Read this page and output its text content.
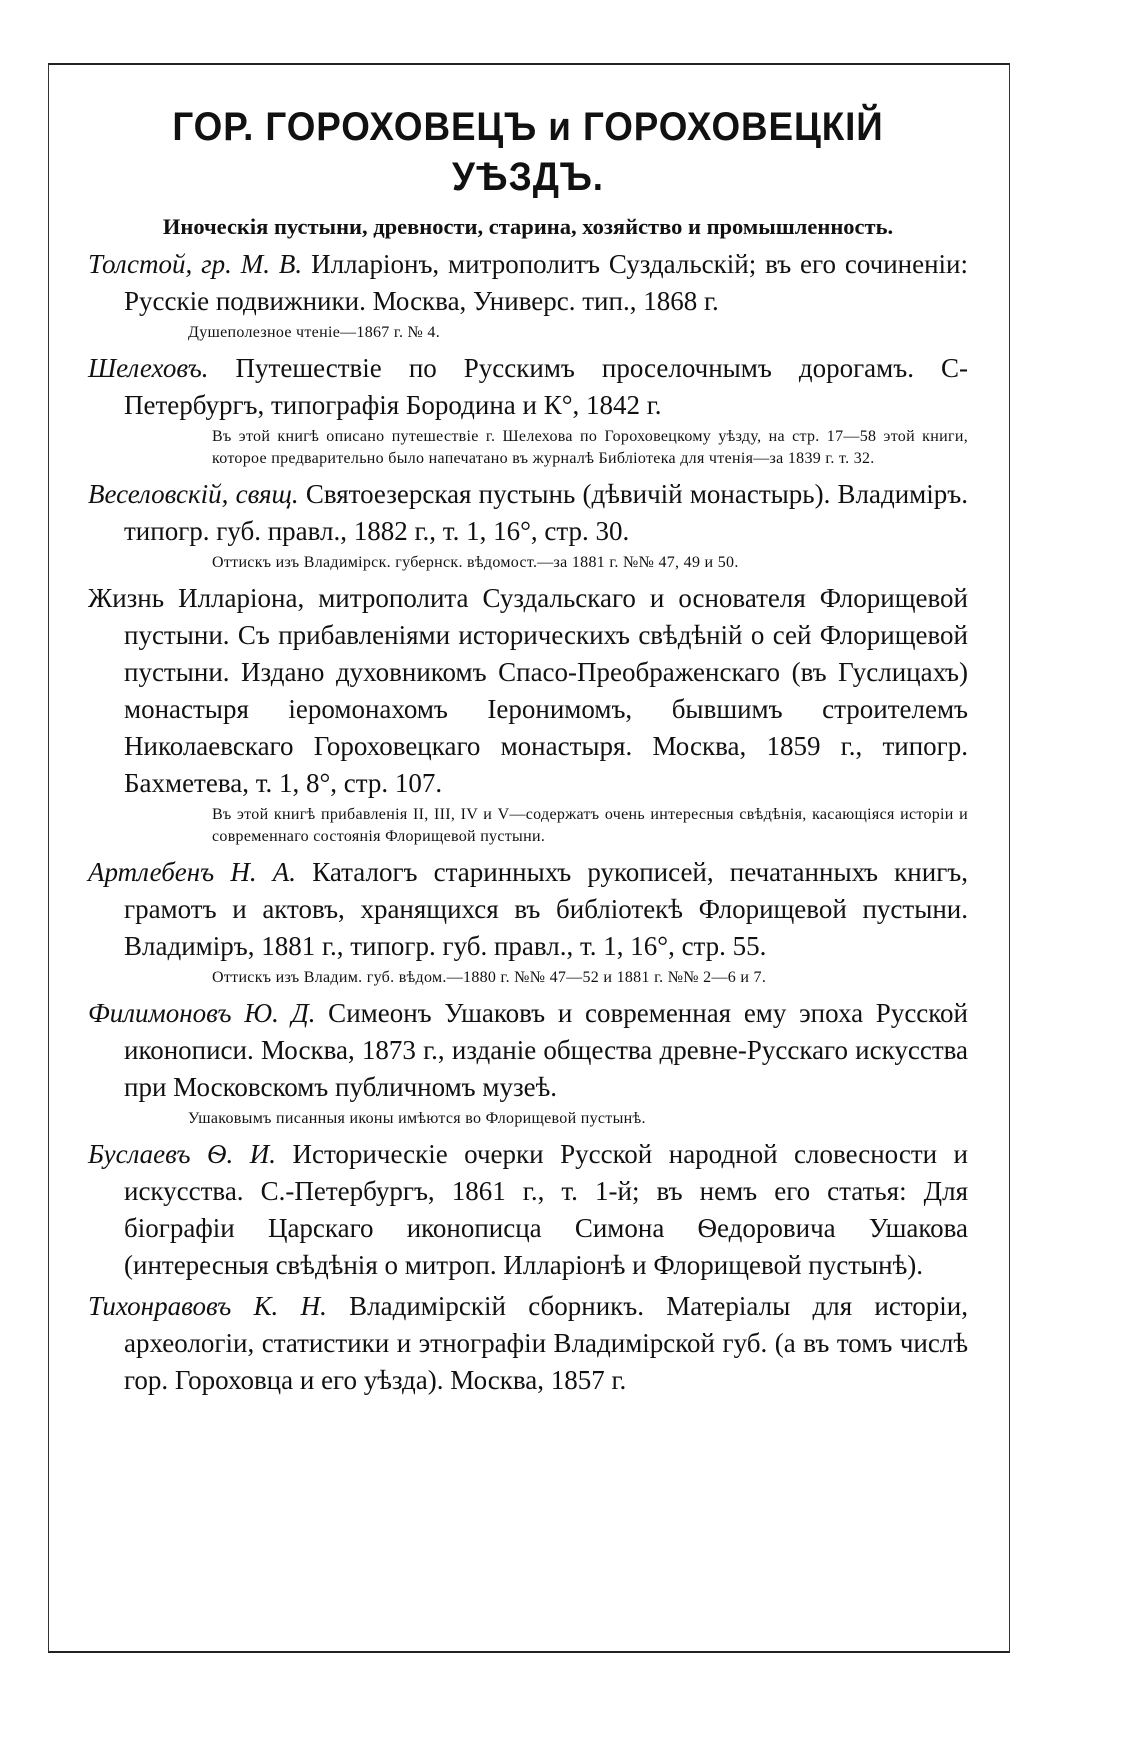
ГОР. ГОРОХОВЕЦЪ и ГОРОХОВЕЦКІЙ УѢЗДЪ.
Иноческія пустыни, древности, старина, хозяйство и промышленность.

Толстой, гр. М. В. Илларіонъ, митрополитъ Суздальскій; въ его сочиненіи: Русскіе подвижники. Москва, Универс. тип., 1868 г.

Душеполезное чтеніе—1867 г. № 4.

Шелеховъ. Путешествіе по Русскимъ проселочнымъ дорогамъ. С-Петербургъ, типографія Бородина и К°, 1842 г.

Въ этой книгѣ описано путешествіе г. Шелехова по Гороховецкому уѣзду, на стр. 17—58 этой книги, которое предварительно было напечатано въ журналѣ Библіотека для чтенія—за 1839 г. т. 32.

Веселовскій, свящ. Святоезерская пустынь (дѣвичій монастырь). Владиміръ. типогр. губ. правл., 1882 г., т. 1, 16°, стр. 30.

Оттискъ изъ Владимірск. губернск. вѣдомост.—за 1881 г. №№ 47, 49 и 50.

Жизнь Илларіона, митрополита Суздальскаго и основателя Флорищевой пустыни. Съ прибавленіями историческихъ свѣдѣній о сей Флорищевой пустыни. Издано духовникомъ Спасо-Преображенскаго (въ Гуслицахъ) монастыря іеромонахомъ Іеронимомъ, бывшимъ строителемъ Николаевскаго Гороховецкаго монастыря. Москва, 1859 г., типогр. Бахметева, т. 1, 8°, стр. 107.

Въ этой книгѣ прибавленія II, III, IV и V—содержатъ очень интересныя свѣдѣнія, касающіяся исторіи и современнаго состоянія Флорищевой пустыни.

Артлебенъ Н. А. Каталогъ старинныхъ рукописей, печатанныхъ книгъ, грамотъ и актовъ, хранящихся въ библіотекѣ Флорищевой пустыни. Владиміръ, 1881 г., типогр. губ. правл., т. 1, 16°, стр. 55.

Оттискъ изъ Владим. губ. вѣдом.—1880 г. №№ 47—52 и 1881 г. №№ 2—6 и 7.

Филимоновъ Ю. Д. Симеонъ Ушаковъ и современная ему эпоха Русской иконописи. Москва, 1873 г., изданіе общества древне-Русскаго искусства при Московскомъ публичномъ музеѣ.

Ушаковымъ писанныя иконы имѣются во Флорищевой пустынѣ.

Буслаевъ Ѳ. И. Историческіе очерки Русской народной словесности и искусства. С.-Петербургъ, 1861 г., т. 1-й; въ немъ его статья: Для біографіи Царскаго иконописца Симона Ѳедоровича Ушакова (интересныя свѣдѣнія о митроп. Илларіонѣ и Флорищевой пустынѣ).

Тихонравовъ К. Н. Владимірскій сборникъ. Матеріалы для исторіи, археологіи, статистики и этнографіи Владимірской губ. (а въ томъ числѣ гор. Гороховца и его уѣзда). Москва, 1857 г.
